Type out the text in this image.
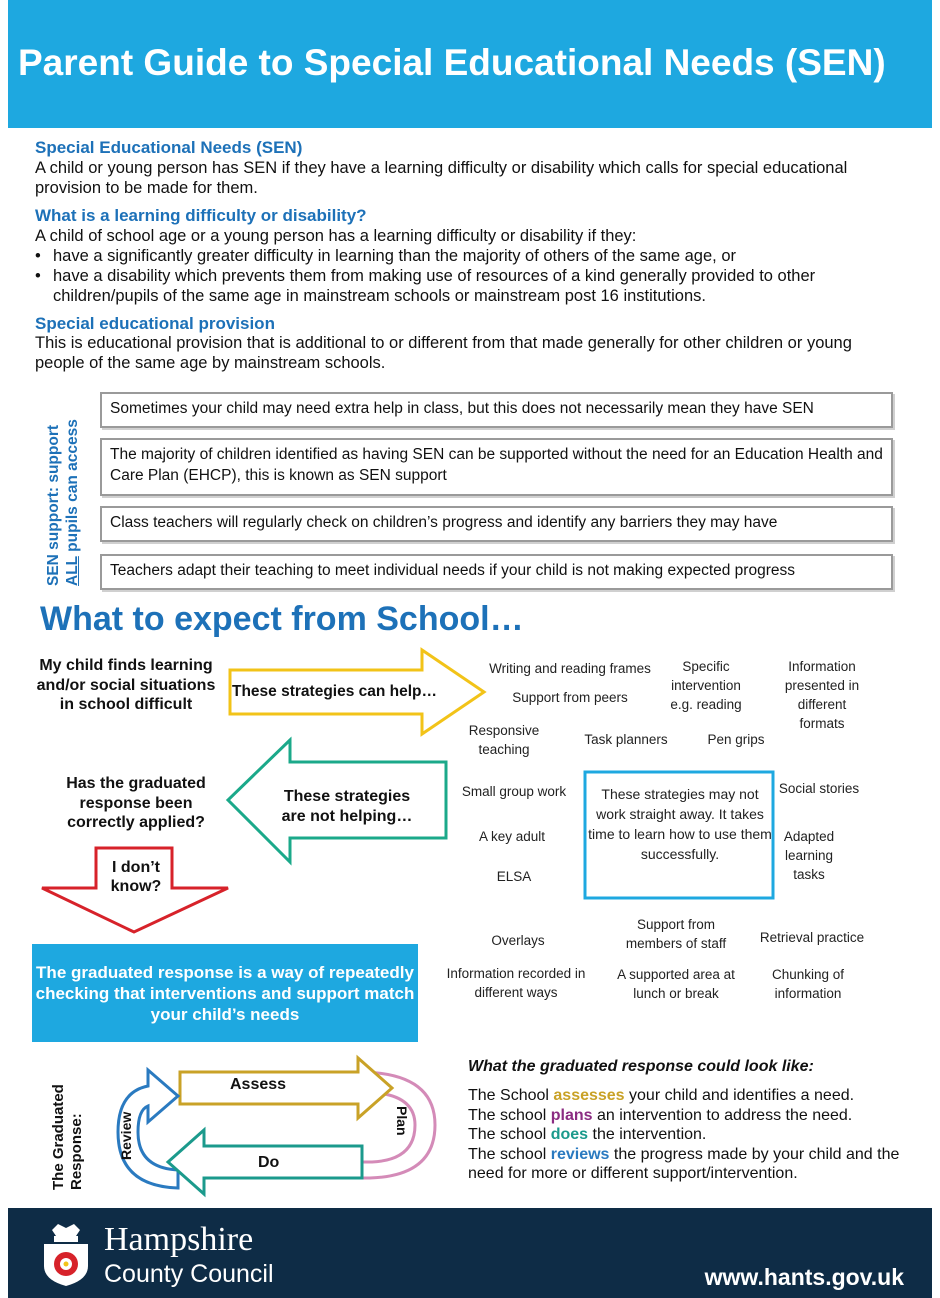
Parent Guide to Special Educational Needs (SEN)
Special Educational Needs (SEN)
A child or young person has SEN if they have a learning difficulty or disability which calls for special educational provision to be made for them.
What is a learning difficulty or disability?
A child of school age or a young person has a learning difficulty or disability if they:
• have a significantly greater difficulty in learning than the majority of others of the same age, or
• have a disability which prevents them from making use of resources of a kind generally provided to other children/pupils of the same age in mainstream schools or mainstream post 16 institutions.
Special educational provision
This is educational provision that is additional to or different from that made generally for other children or young people of the same age by mainstream schools.
SEN support: support ALL pupils can access
Sometimes your child may need extra help in class, but this does not necessarily mean they have SEN
The majority of children identified as having SEN can be supported without the need for an Education Health and Care Plan (EHCP), this is known as SEN support
Class teachers will regularly check on children’s progress and identify any barriers they may have
Teachers adapt their teaching to meet individual needs if your child is not making expected progress
What to expect from School…
My child finds learning and/or social situations in school difficult
These strategies can help…
Has the graduated response been correctly applied?
These strategies are not helping…
I don’t know?
These strategies may not work straight away. It takes time to learn how to use them successfully.
Writing and reading frames
Support from peers
Specific intervention e.g. reading
Information presented in different formats
Responsive teaching
Task planners	Pen grips
Small group work
A key adult
ELSA
Social stories
Adapted learning tasks
Overlays
Support from members of staff	Retrieval practice
Information recorded in different ways
A supported area at lunch or break
Chunking of information
The graduated response is a way of repeatedly checking that interventions and support match your child’s needs
The Graduated Response:
Assess
Do
Review	Plan
What the graduated response could look like:
The School assesses your child and identifies a need.
The school plans an intervention to address the need.
The school does the intervention.
The school reviews the progress made by your child and the need for more or different support/intervention.
Hampshire
County Council	www.hants.gov.uk
